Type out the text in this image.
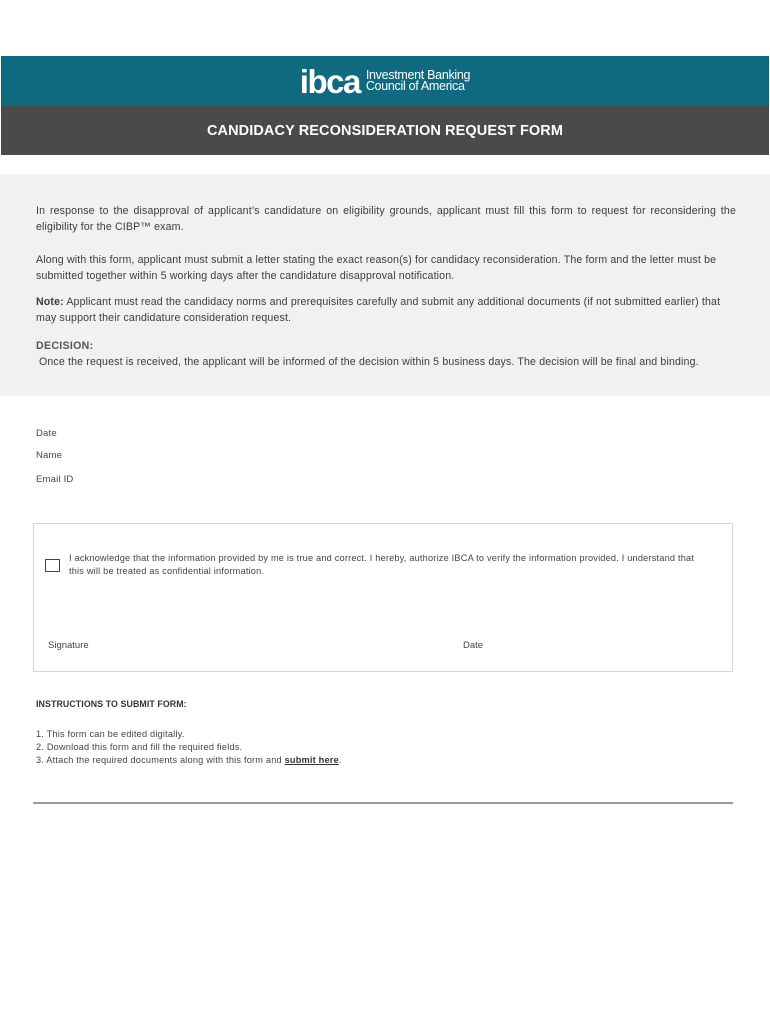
ibca Investment Banking
Council of America
CANDIDACY RECONSIDERATION REQUEST FORM

In response to the disapproval of applicant’s candidature on eligibility grounds, applicant must fill this form to request for reconsidering the eligibility for the CIBP™ exam.

Along with this form, applicant must submit a letter stating the exact reason(s) for candidacy reconsideration. The form and the letter must be submitted together within 5 working days after the candidature disapproval notification.

Note: Applicant must read the candidacy norms and prerequisites carefully and submit any additional documents (if not submitted earlier) that may support their candidature consideration request.

DECISION:

Once the request is received, the applicant will be informed of the decision within 5 business days. The decision will be final and binding.

Date
Name
Email ID
I acknowledge that the information provided by me is true and correct. I hereby, authorize IBCA to verify the information provided. I understand that this will be treated as confidential information.
Signature	Date
INSTRUCTIONS TO SUBMIT FORM:
1. This form can be edited digitally.
2. Download this form and fill the required fields.
3. Attach the required documents along with this form and submit here.
